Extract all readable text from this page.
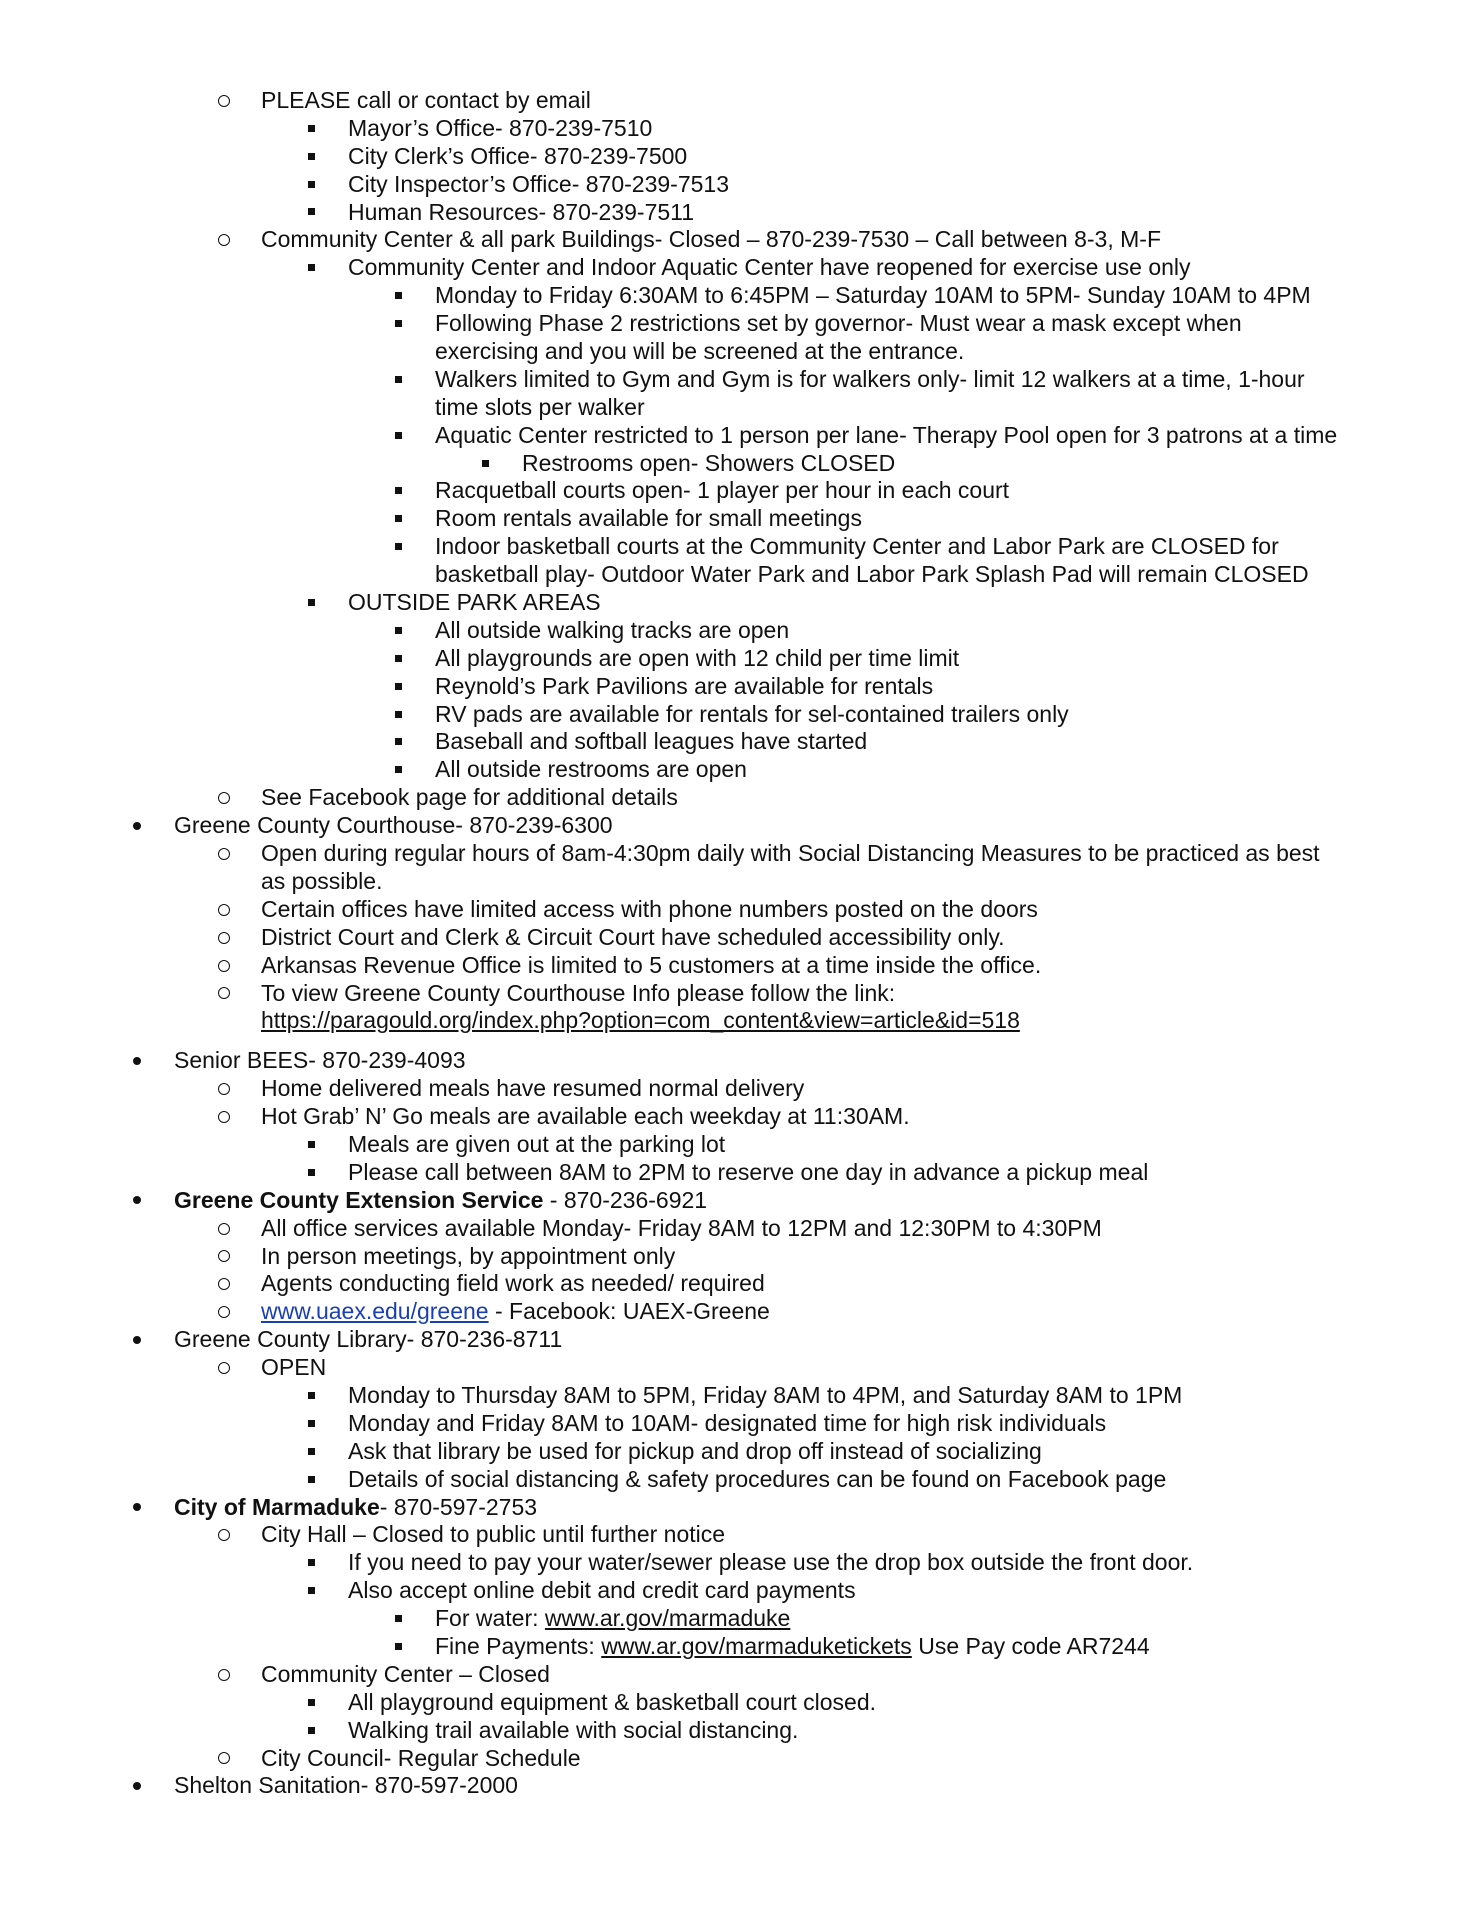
PLEASE call or contact by email
Mayor’s Office- 870-239-7510
City Clerk’s Office- 870-239-7500
City Inspector’s Office- 870-239-7513
Human Resources- 870-239-7511
Community Center & all park Buildings- Closed – 870-239-7530 – Call between 8-3, M-F
Community Center and Indoor Aquatic Center have reopened for exercise use only
Monday to Friday 6:30AM to 6:45PM – Saturday 10AM to 5PM- Sunday 10AM to 4PM
Following Phase 2 restrictions set by governor- Must wear a mask except when
exercising and you will be screened at the entrance.
Walkers limited to Gym and Gym is for walkers only- limit 12 walkers at a time, 1-hour
time slots per walker
Aquatic Center restricted to 1 person per lane- Therapy Pool open for 3 patrons at a time
Restrooms open- Showers CLOSED
Racquetball courts open- 1 player per hour in each court
Room rentals available for small meetings
Indoor basketball courts at the Community Center and Labor Park are CLOSED for
basketball play- Outdoor Water Park and Labor Park Splash Pad will remain CLOSED
OUTSIDE PARK AREAS
All outside walking tracks are open
All playgrounds are open with 12 child per time limit
Reynold’s Park Pavilions are available for rentals
RV pads are available for rentals for sel-contained trailers only
Baseball and softball leagues have started
All outside restrooms are open
See Facebook page for additional details
Greene County Courthouse- 870-239-6300
Open during regular hours of 8am-4:30pm daily with Social Distancing Measures to be practiced as best
as possible.
Certain offices have limited access with phone numbers posted on the doors
District Court and Clerk & Circuit Court have scheduled accessibility only.
Arkansas Revenue Office is limited to 5 customers at a time inside the office.
To view Greene County Courthouse Info please follow the link:
https://paragould.org/index.php?option=com_content&view=article&id=518
Senior BEES- 870-239-4093
Home delivered meals have resumed normal delivery
Hot Grab’ N’ Go meals are available each weekday at 11:30AM.
Meals are given out at the parking lot
Please call between 8AM to 2PM to reserve one day in advance a pickup meal
Greene County Extension Service - 870-236-6921
All office services available Monday- Friday 8AM to 12PM and 12:30PM to 4:30PM
In person meetings, by appointment only
Agents conducting field work as needed/ required
www.uaex.edu/greene - Facebook: UAEX-Greene
Greene County Library- 870-236-8711
OPEN
Monday to Thursday 8AM to 5PM, Friday 8AM to 4PM, and Saturday 8AM to 1PM
Monday and Friday 8AM to 10AM- designated time for high risk individuals
Ask that library be used for pickup and drop off instead of socializing
Details of social distancing & safety procedures can be found on Facebook page
City of Marmaduke- 870-597-2753
City Hall – Closed to public until further notice
If you need to pay your water/sewer please use the drop box outside the front door.
Also accept online debit and credit card payments
For water: www.ar.gov/marmaduke
Fine Payments: www.ar.gov/marmaduketickets Use Pay code AR7244
Community Center – Closed
All playground equipment & basketball court closed.
Walking trail available with social distancing.
City Council- Regular Schedule
Shelton Sanitation- 870-597-2000
